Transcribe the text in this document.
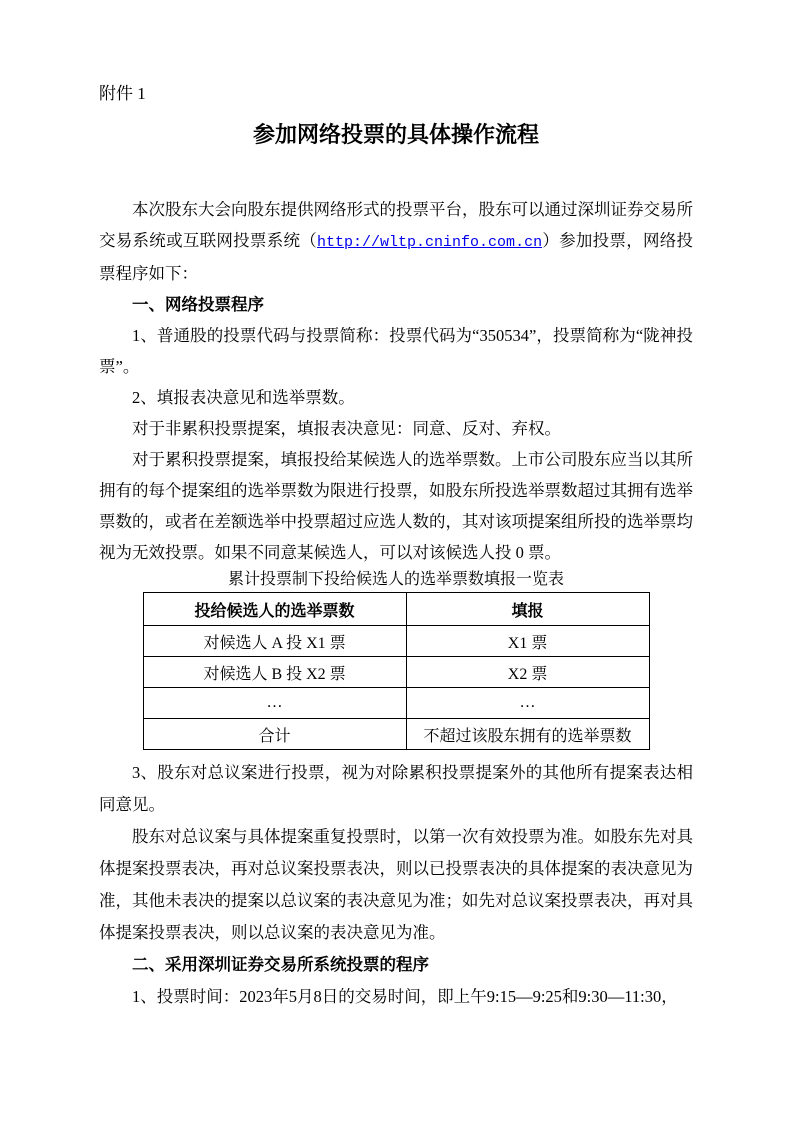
附件 1
参加网络投票的具体操作流程

本次股东大会向股东提供网络形式的投票平台，股东可以通过深圳证券交易所交易系统或互联网投票系统（http://wltp.cninfo.com.cn）参加投票，网络投票程序如下：

一、网络投票程序

1、普通股的投票代码与投票简称：投票代码为“350534”，投票简称为“陇神投票”。

2、填报表决意见和选举票数。

对于非累积投票提案，填报表决意见：同意、反对、弃权。

对于累积投票提案，填报投给某候选人的选举票数。上市公司股东应当以其所拥有的每个提案组的选举票数为限进行投票，如股东所投选举票数超过其拥有选举票数的，或者在差额选举中投票超过应选人数的，其对该项提案组所投的选举票均视为无效投票。如果不同意某候选人，可以对该候选人投 0 票。

累计投票制下投给候选人的选举票数填报一览表

投给候选人的选举票数	填报
对候选人 A 投 X1 票	X1 票
对候选人 B 投 X2 票	X2 票
…	…
合计	不超过该股东拥有的选举票数

3、股东对总议案进行投票，视为对除累积投票提案外的其他所有提案表达相同意见。

股东对总议案与具体提案重复投票时，以第一次有效投票为准。如股东先对具体提案投票表决，再对总议案投票表决，则以已投票表决的具体提案的表决意见为准，其他未表决的提案以总议案的表决意见为准；如先对总议案投票表决，再对具体提案投票表决，则以总议案的表决意见为准。

二、采用深圳证券交易所系统投票的程序

1、投票时间：2023年5月8日的交易时间，即上午9:15—9:25和9:30—11:30，
